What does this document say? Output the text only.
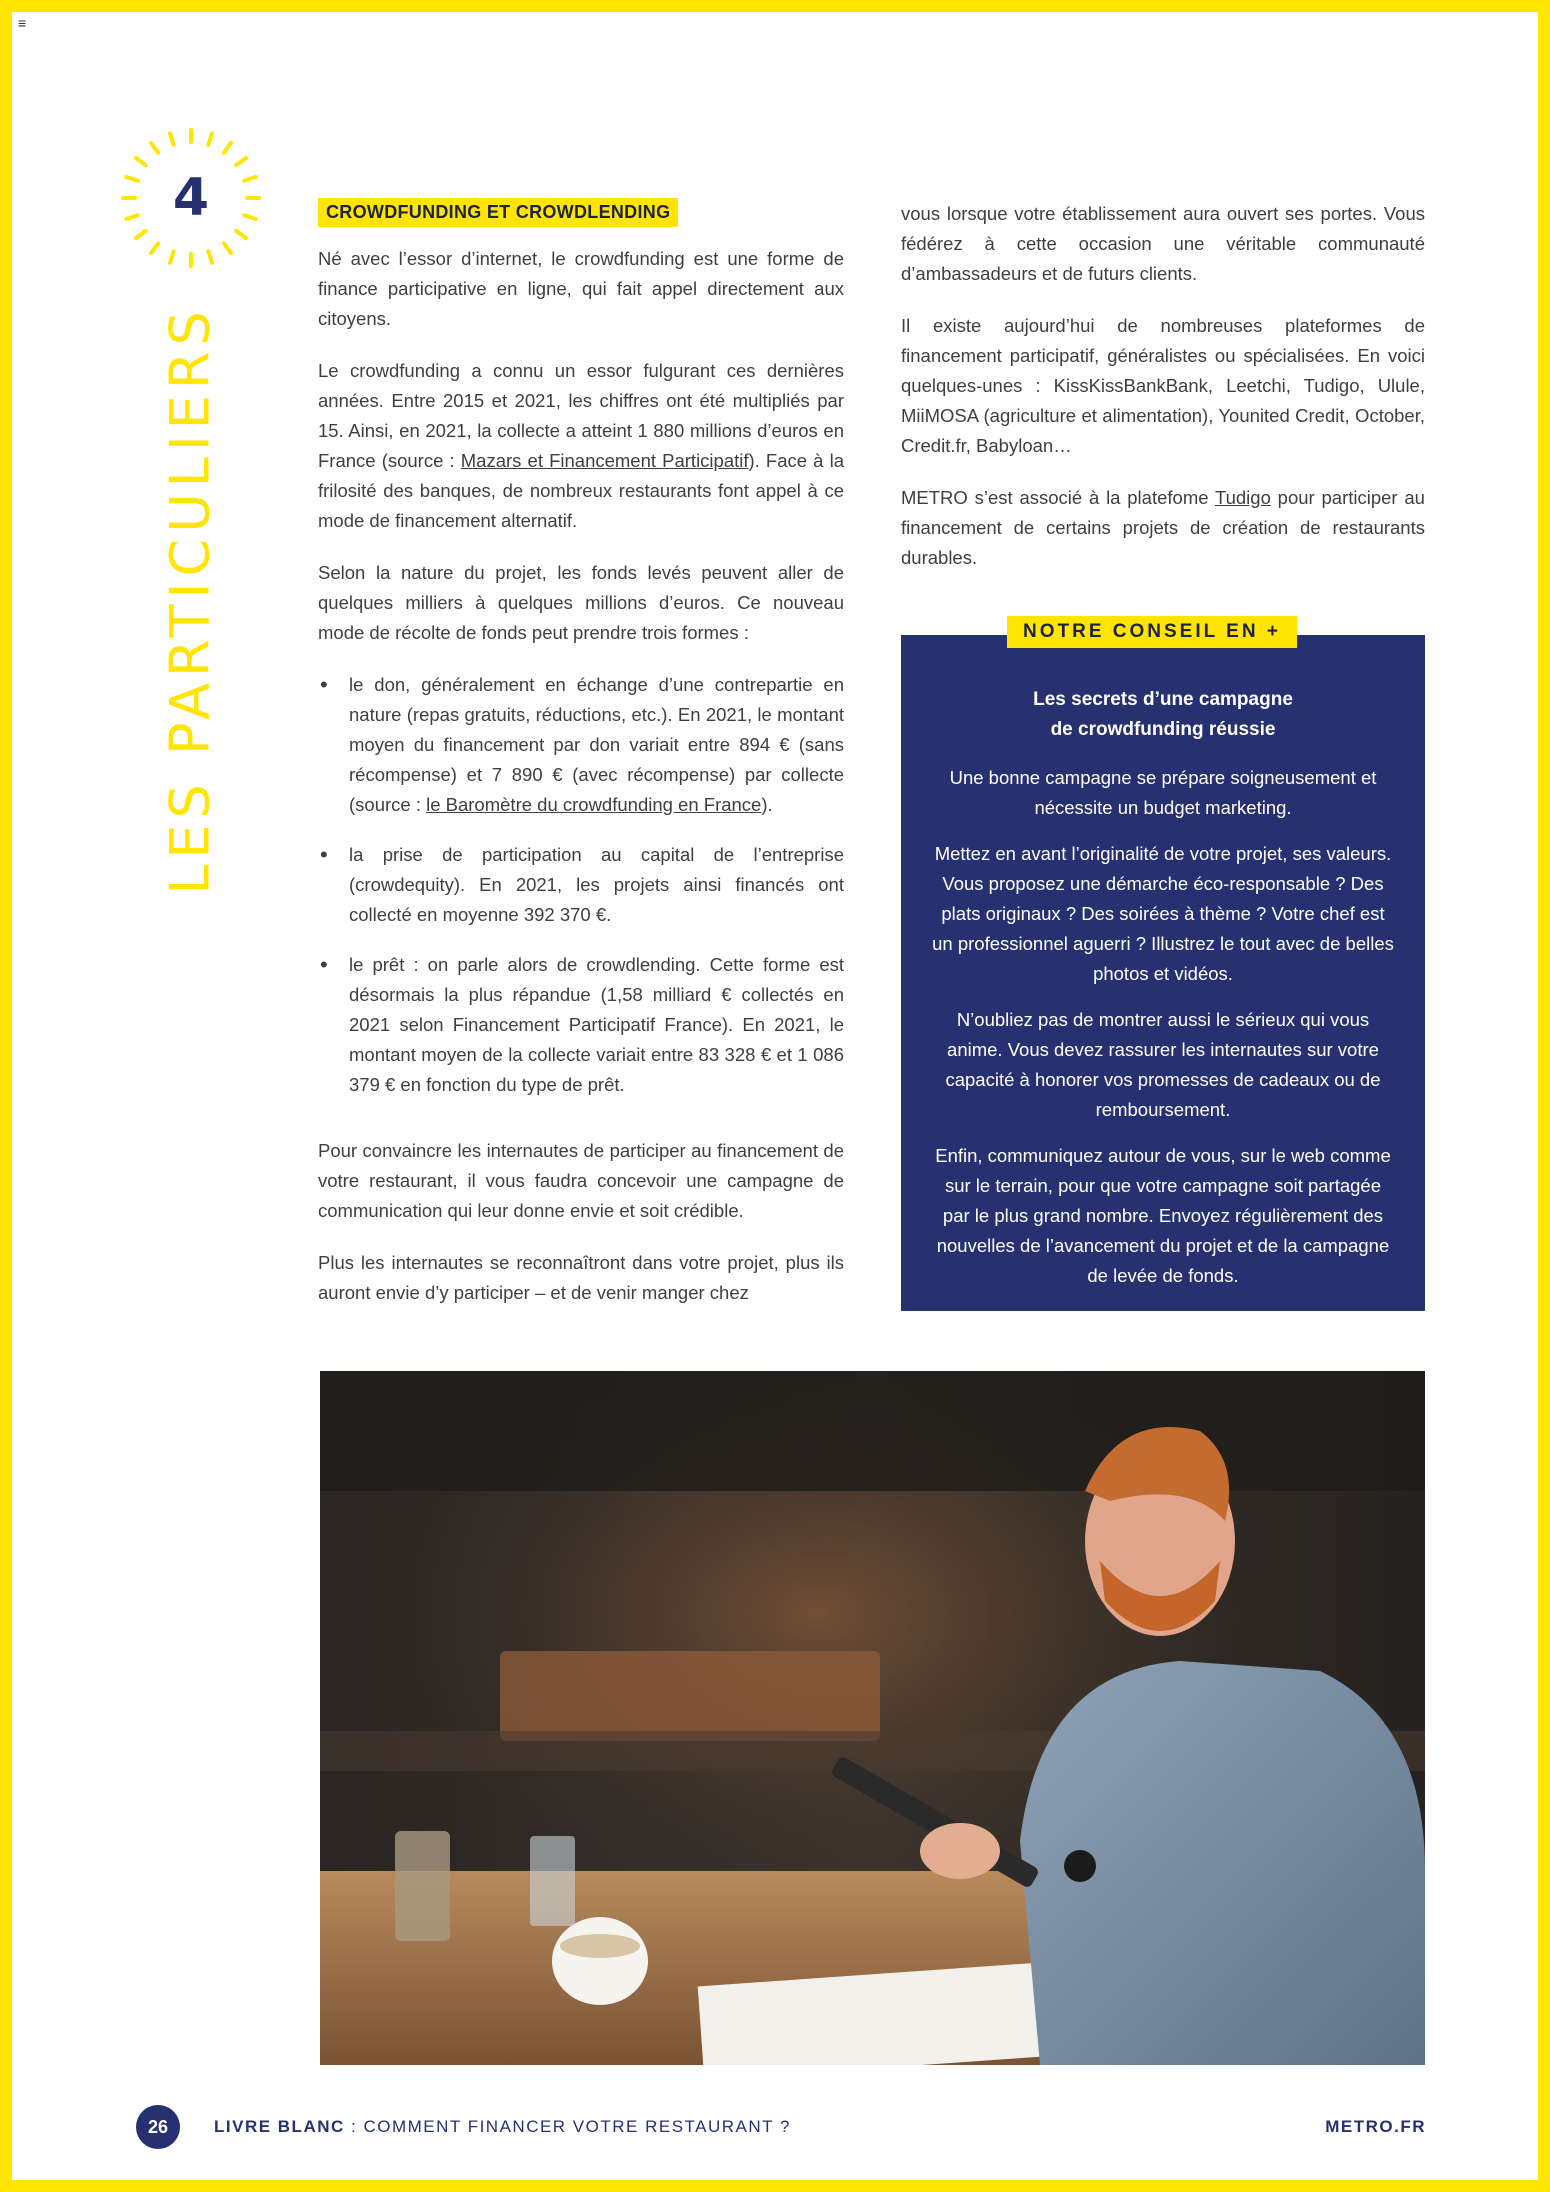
≡
4
LES PARTICULIERS
CROWDFUNDING ET CROWDLENDING

Né avec l’essor d’internet, le crowdfunding est une forme de finance participative en ligne, qui fait appel directement aux citoyens.

Le crowdfunding a connu un essor fulgurant ces dernières années. Entre 2015 et 2021, les chiffres ont été multipliés par 15. Ainsi, en 2021, la collecte a atteint 1 880 millions d’euros en France (source : Mazars et Financement Participatif). Face à la frilosité des banques, de nombreux restaurants font appel à ce mode de financement alternatif.

Selon la nature du projet, les fonds levés peuvent aller de quelques milliers à quelques millions d’euros. Ce nouveau mode de récolte de fonds peut prendre trois formes :

• le don, généralement en échange d’une contrepartie en nature (repas gratuits, réductions, etc.). En 2021, le montant moyen du financement par don variait entre 894 € (sans récompense) et 7 890 € (avec récompense) par collecte (source : le Baromètre du crowdfunding en France).
• la prise de participation au capital de l’entreprise (crowdequity). En 2021, les projets ainsi financés ont collecté en moyenne 392 370 €.
• le prêt : on parle alors de crowdlending. Cette forme est désormais la plus répandue (1,58 milliard € collectés en 2021 selon Financement Participatif France). En 2021, le montant moyen de la collecte variait entre 83 328 € et 1 086 379 € en fonction du type de prêt.

Pour convaincre les internautes de participer au financement de votre restaurant, il vous faudra concevoir une campagne de communication qui leur donne envie et soit crédible.

Plus les internautes se reconnaîtront dans votre projet, plus ils auront envie d’y participer – et de venir manger chez

vous lorsque votre établissement aura ouvert ses portes. Vous fédérez à cette occasion une véritable communauté d’ambassadeurs et de futurs clients.

Il existe aujourd’hui de nombreuses plateformes de financement participatif, généralistes ou spécialisées. En voici quelques-unes : KissKissBankBank, Leetchi, Tudigo, Ulule, MiiMOSA (agriculture et alimentation), Younited Credit, October, Credit.fr, Babyloan…

METRO s’est associé à la platefome Tudigo pour participer au financement de certains projets de création de restaurants durables.

Les secrets d’une campagne
de crowdfunding réussie

Une bonne campagne se prépare soigneusement et nécessite un budget marketing.

Mettez en avant l’originalité de votre projet, ses valeurs. Vous proposez une démarche éco-responsable ? Des plats originaux ? Des soirées à thème ? Votre chef est un professionnel aguerri ? Illustrez le tout avec de belles photos et vidéos.

N’oubliez pas de montrer aussi le sérieux qui vous anime. Vous devez rassurer les internautes sur votre capacité à honorer vos promesses de cadeaux ou de remboursement.

Enfin, communiquez autour de vous, sur le web comme sur le terrain, pour que votre campagne soit partagée par le plus grand nombre. Envoyez régulièrement des nouvelles de l’avancement du projet et de la campagne de levée de fonds.

NOTRE CONSEIL EN +
26	LIVRE BLANC : COMMENT FINANCER VOTRE RESTAURANT ?	METRO.FR
